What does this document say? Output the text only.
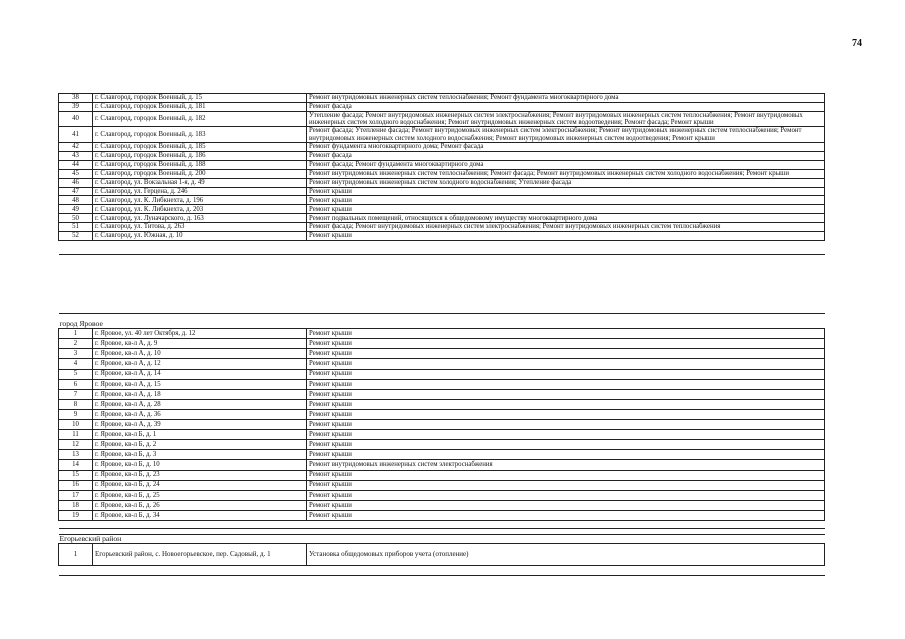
74
38	г. Славгород, городок Военный, д. 15	Ремонт внутридомовых инженерных систем теплоснабжения; Ремонт фундамента многоквартирного дома
39	г. Славгород, городок Военный, д. 181	Ремонт фасада
40	г. Славгород, городок Военный, д. 182	Утепление фасада; Ремонт внутридомовых инженерных систем электроснабжения; Ремонт внутридомовых инженерных систем теплоснабжения; Ремонт внутридомовых инженерных систем холодного водоснабжения; Ремонт внутридомовых инженерных систем водоотведения; Ремонт фасада; Ремонт крыши
41	г. Славгород, городок Военный, д. 183	Ремонт фасада; Утепление фасада; Ремонт внутридомовых инженерных систем электроснабжения; Ремонт внутридомовых инженерных систем теплоснабжения; Ремонт внутридомовых инженерных систем холодного водоснабжения; Ремонт внутридомовых инженерных систем водоотведения; Ремонт крыши
42	г. Славгород, городок Военный, д. 185	Ремонт фундамента многоквартирного дома; Ремонт фасада
43	г. Славгород, городок Военный, д. 186	Ремонт фасада
44	г. Славгород, городок Военный, д. 188	Ремонт фасада; Ремонт фундамента многоквартирного дома
45	г. Славгород, городок Военный, д. 200	Ремонт внутридомовых инженерных систем теплоснабжения; Ремонт фасада; Ремонт внутридомовых инженерных систем холодного водоснабжения; Ремонт крыши
46	г. Славгород, ул. Вокзальная 1-я, д. 49	Ремонт внутридомовых инженерных систем холодного водоснабжения; Утепление фасада
47	г. Славгород, ул. Герцена, д. 246	Ремонт крыши
48	г. Славгород, ул. К. Либкнехта, д. 196	Ремонт крыши
49	г. Славгород, ул. К. Либкнехта, д. 203	Ремонт крыши
50	г. Славгород, ул. Луначарского, д. 163	Ремонт подвальных помещений, относящихся к общедомовому имуществу многоквартирного дома
51	г. Славгород, ул. Титова, д. 263	Ремонт фасада; Ремонт внутридомовых инженерных систем электроснабжения; Ремонт внутридомовых инженерных систем теплоснабжения
52	г. Славгород, ул. Южная, д. 10	Ремонт крыши

город Яровое		
1	г. Яровое, ул. 40 лет Октября, д. 12	Ремонт крыши
2	г. Яровое, кв-л А, д. 9	Ремонт крыши
3	г. Яровое, кв-л А, д. 10	Ремонт крыши
4	г. Яровое, кв-л А, д. 12	Ремонт крыши
5	г. Яровое, кв-л А, д. 14	Ремонт крыши
6	г. Яровое, кв-л А, д. 15	Ремонт крыши
7	г. Яровое, кв-л А, д. 18	Ремонт крыши
8	г. Яровое, кв-л А, д. 28	Ремонт крыши
9	г. Яровое, кв-л А, д. 36	Ремонт крыши
10	г. Яровое, кв-л А, д. 39	Ремонт крыши
11	г. Яровое, кв-л Б, д. 1	Ремонт крыши
12	г. Яровое, кв-л Б, д. 2	Ремонт крыши
13	г. Яровое, кв-л Б, д. 3	Ремонт крыши
14	г. Яровое, кв-л Б, д. 10	Ремонт внутридомовых инженерных систем электроснабжения
15	г. Яровое, кв-л Б, д. 23	Ремонт крыши
16	г. Яровое, кв-л Б, д. 24	Ремонт крыши
17	г. Яровое, кв-л Б, д. 25	Ремонт крыши
18	г. Яровое, кв-л Б, д. 26	Ремонт крыши
19	г. Яровое, кв-л Б, д. 34	Ремонт крыши

Егорьевский район
1	Егорьевский район, с. Новоегорьевское, пер. Садовый, д. 1	Установка общедомовых приборов учета (отопление)
